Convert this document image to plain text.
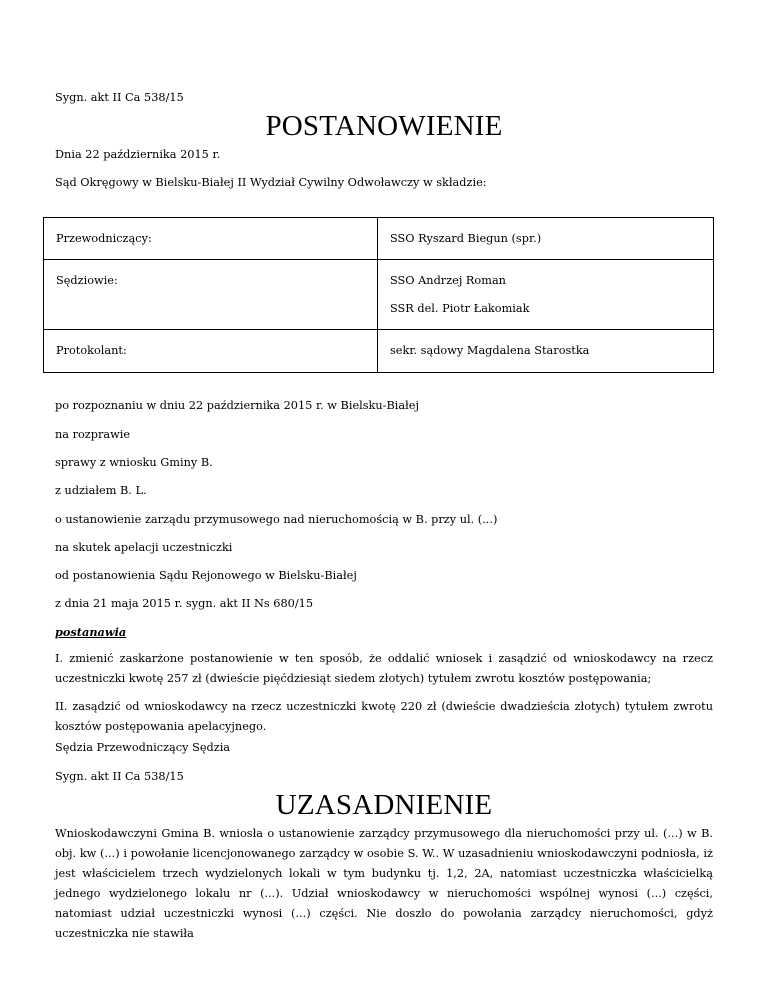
Sygn. akt II Ca 538/15
POSTANOWIENIE
Dnia 22 października 2015 r.
Sąd Okręgowy w Bielsku-Białej II Wydział Cywilny Odwoławczy w składzie:
Przewodniczący:	SSO Ryszard Biegun (spr.)

Sędziowie:	SSO Andrzej Roman
SSR del. Piotr Łakomiak

Protokolant:	sekr. sądowy Magdalena Starostka
po rozpoznaniu w dniu 22 października 2015 r. w Bielsku-Białej
na rozprawie
sprawy z wniosku Gminy B.
z udziałem B. L.
o ustanowienie zarządu przymusowego nad nieruchomością w B. przy ul. (...)
na skutek apelacji uczestniczki
od postanowienia Sądu Rejonowego w Bielsku-Białej
z dnia 21 maja 2015 r. sygn. akt II Ns 680/15
postanawia
I. zmienić zaskarżone postanowienie w ten sposób, że oddalić wniosek i zasądzić od wnioskodawcy na rzecz uczestniczki kwotę 257 zł (dwieście pięćdziesiąt siedem złotych) tytułem zwrotu kosztów postępowania;
II. zasądzić od wnioskodawcy na rzecz uczestniczki kwotę 220 zł (dwieście dwadzieścia złotych) tytułem zwrotu kosztów postępowania apelacyjnego.
Sędzia Przewodniczący Sędzia
Sygn. akt II Ca 538/15
UZASADNIENIE
Wnioskodawczyni Gmina B. wniosła o ustanowienie zarządcy przymusowego dla nieruchomości przy ul. (...) w B. obj. kw (...) i powołanie licencjonowanego zarządcy w osobie S. W.. W uzasadnieniu wnioskodawczyni podniosła, iż jest właścicielem trzech wydzielonych lokali w tym budynku tj. 1,2, 2A, natomiast uczestniczka właścicielką jednego wydzielonego lokalu nr (...). Udział wnioskodawcy w nieruchomości wspólnej wynosi (...) części, natomiast udział uczestniczki wynosi (...) części. Nie doszło do powołania zarządcy nieruchomości, gdyż uczestniczka nie stawiła
